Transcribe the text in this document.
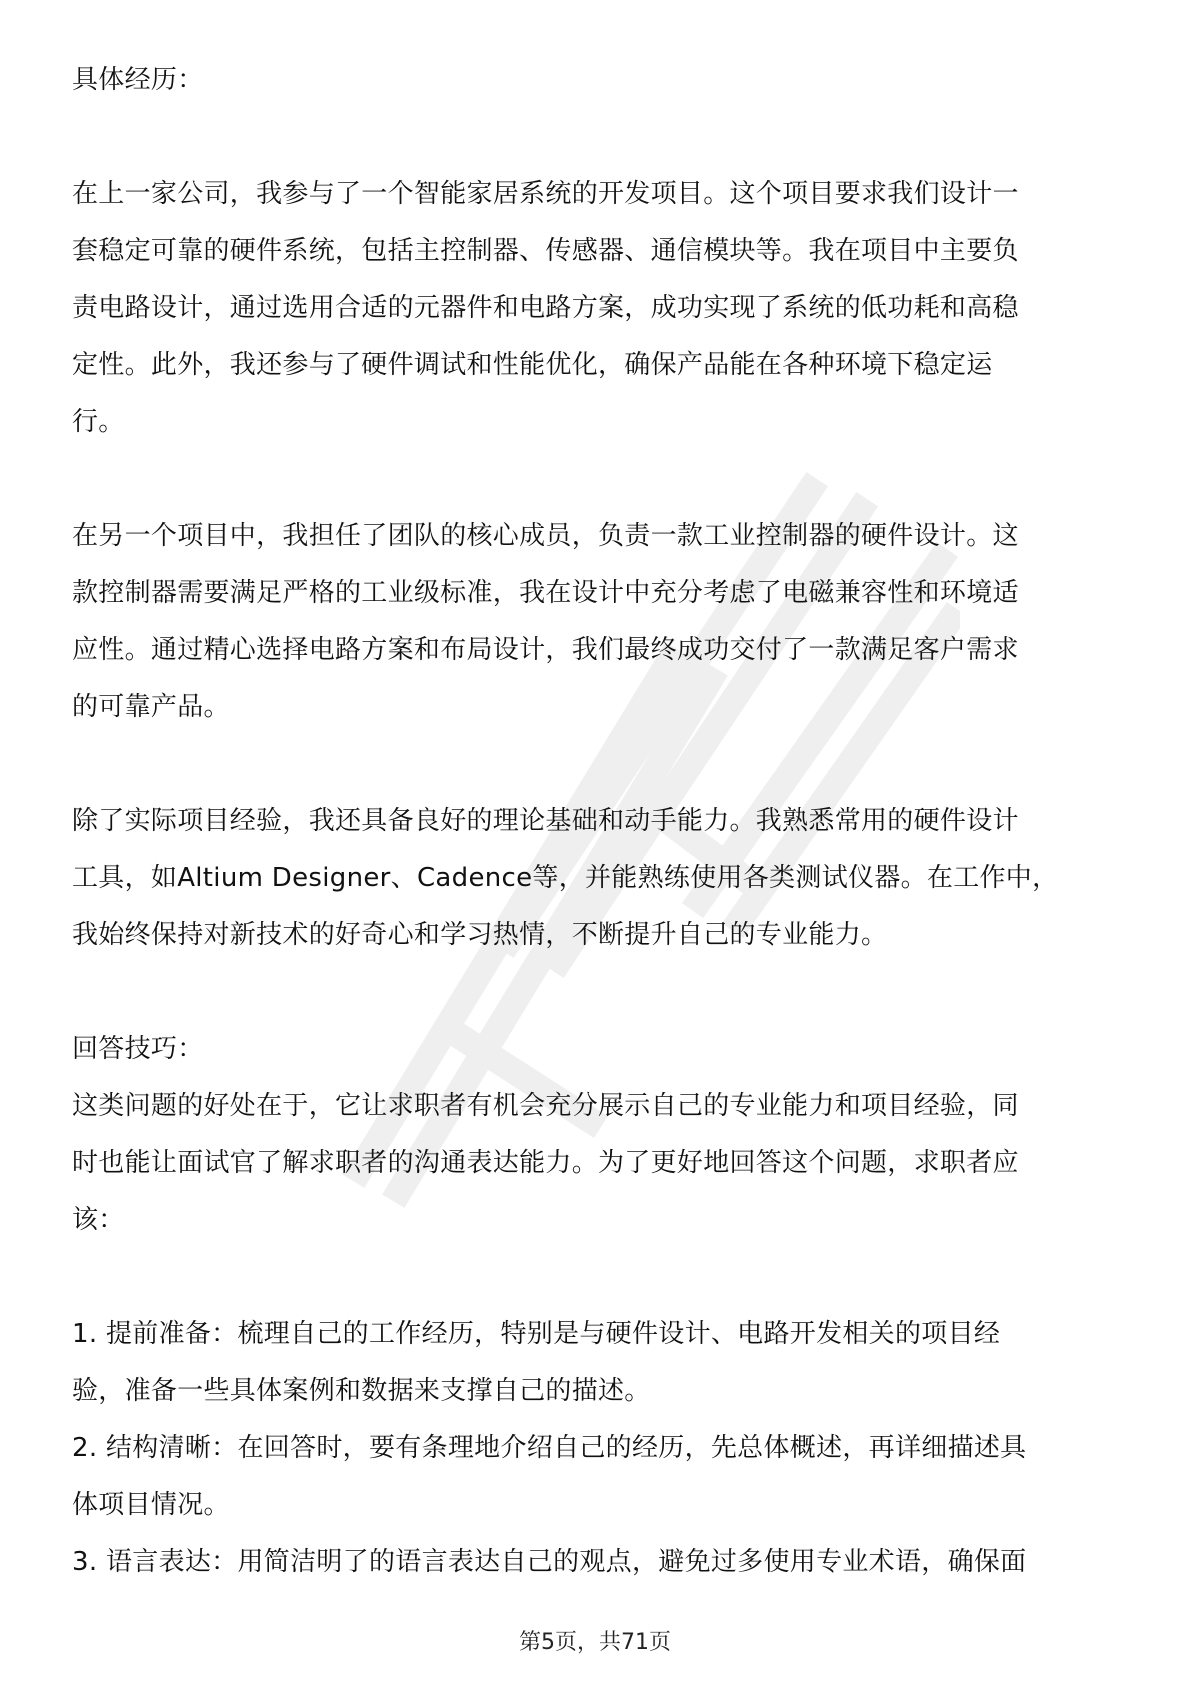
具体经历：
在上一家公司，我参与了一个智能家居系统的开发项目。这个项目要求我们设计一
套稳定可靠的硬件系统，包括主控制器、传感器、通信模块等。我在项目中主要负
责电路设计，通过选用合适的元器件和电路方案，成功实现了系统的低功耗和高稳
定性。此外，我还参与了硬件调试和性能优化，确保产品能在各种环境下稳定运
行。
在另一个项目中，我担任了团队的核心成员，负责一款工业控制器的硬件设计。这
款控制器需要满足严格的工业级标准，我在设计中充分考虑了电磁兼容性和环境适
应性。通过精心选择电路方案和布局设计，我们最终成功交付了一款满足客户需求
的可靠产品。
除了实际项目经验，我还具备良好的理论基础和动手能力。我熟悉常用的硬件设计
工具，如Altium Designer、Cadence等，并能熟练使用各类测试仪器。在工作中，
我始终保持对新技术的好奇心和学习热情，不断提升自己的专业能力。
回答技巧：
这类问题的好处在于，它让求职者有机会充分展示自己的专业能力和项目经验，同
时也能让面试官了解求职者的沟通表达能力。为了更好地回答这个问题，求职者应
该：
1. 提前准备：梳理自己的工作经历，特别是与硬件设计、电路开发相关的项目经
验，准备一些具体案例和数据来支撑自己的描述。
2. 结构清晰：在回答时，要有条理地介绍自己的经历，先总体概述，再详细描述具
体项目情况。
3. 语言表达：用简洁明了的语言表达自己的观点，避免过多使用专业术语，确保面
第5页，共71页
